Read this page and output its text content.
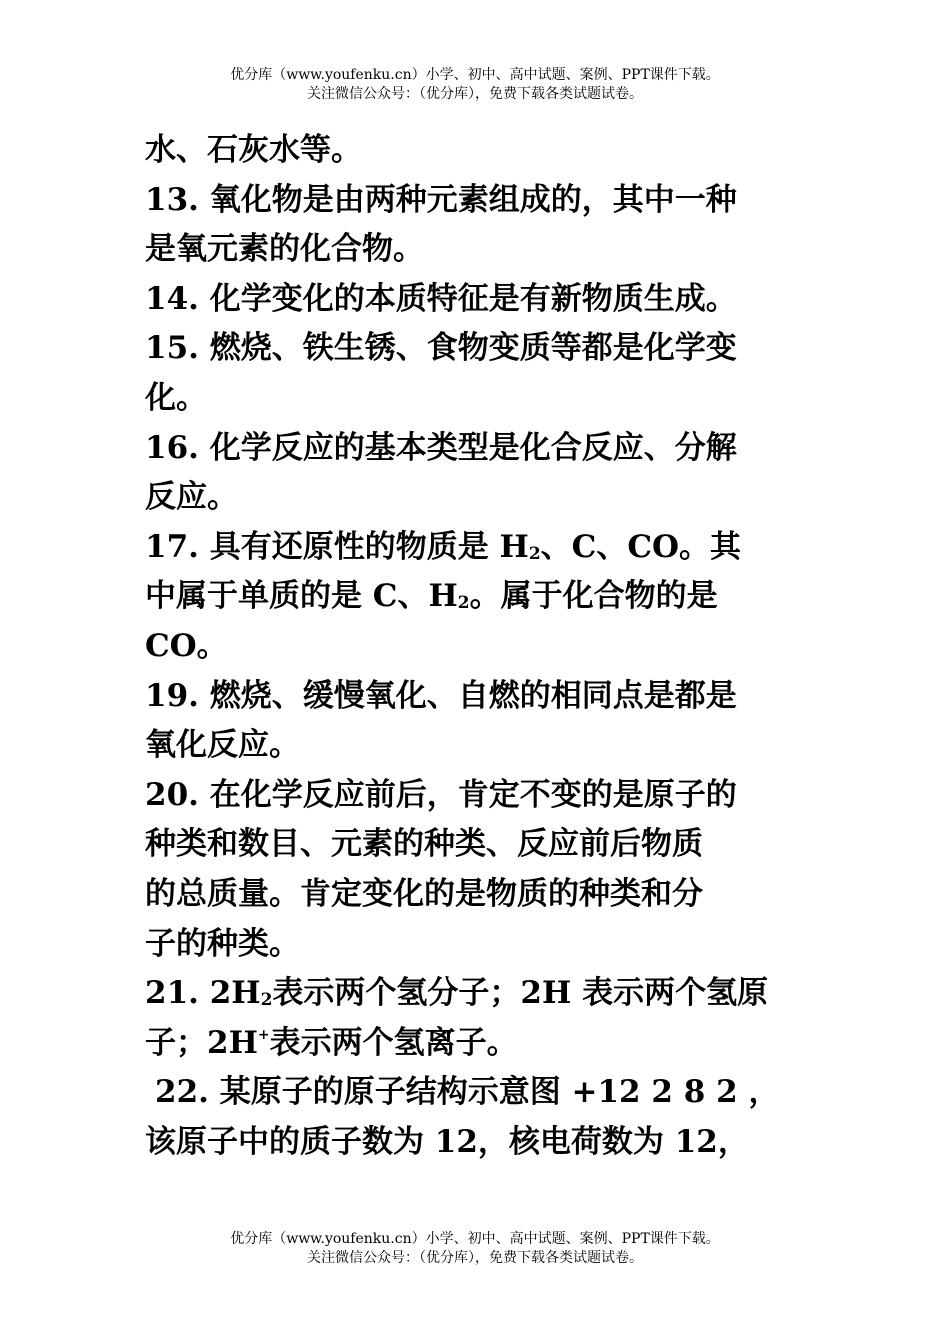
优分库（www.youfenku.cn）小学、初中、高中试题、案例、PPT课件下载。
关注微信公众号：（优分库），免费下载各类试题试卷。

水、石灰水等。

13. 氧化物是由两种元素组成的，其中一种

是氧元素的化合物。

14. 化学变化的本质特征是有新物质生成。

15. 燃烧、铁生锈、食物变质等都是化学变

化。

16. 化学反应的基本类型是化合反应、分解

反应。

17. 具有还原性的物质是 $H_2$、C、CO。其

中属于单质的是 C、$H_2$。属于化合物的是

CO。

19. 燃烧、缓慢氧化、自燃的相同点是都是

氧化反应。

20. 在化学反应前后，肯定不变的是原子的

种类和数目、元素的种类、反应前后物质

的总质量。肯定变化的是物质的种类和分

子的种类。

21. $2H_2$表示两个氢分子；2H 表示两个氢原

子；2H+表示两个氢离子。

22. 某原子的原子结构示意图 +12 2 8 2 ，

该原子中的质子数为 12，核电荷数为 12，

优分库（www.youfenku.cn）小学、初中、高中试题、案例、PPT课件下载。
关注微信公众号：（优分库），免费下载各类试题试卷。
